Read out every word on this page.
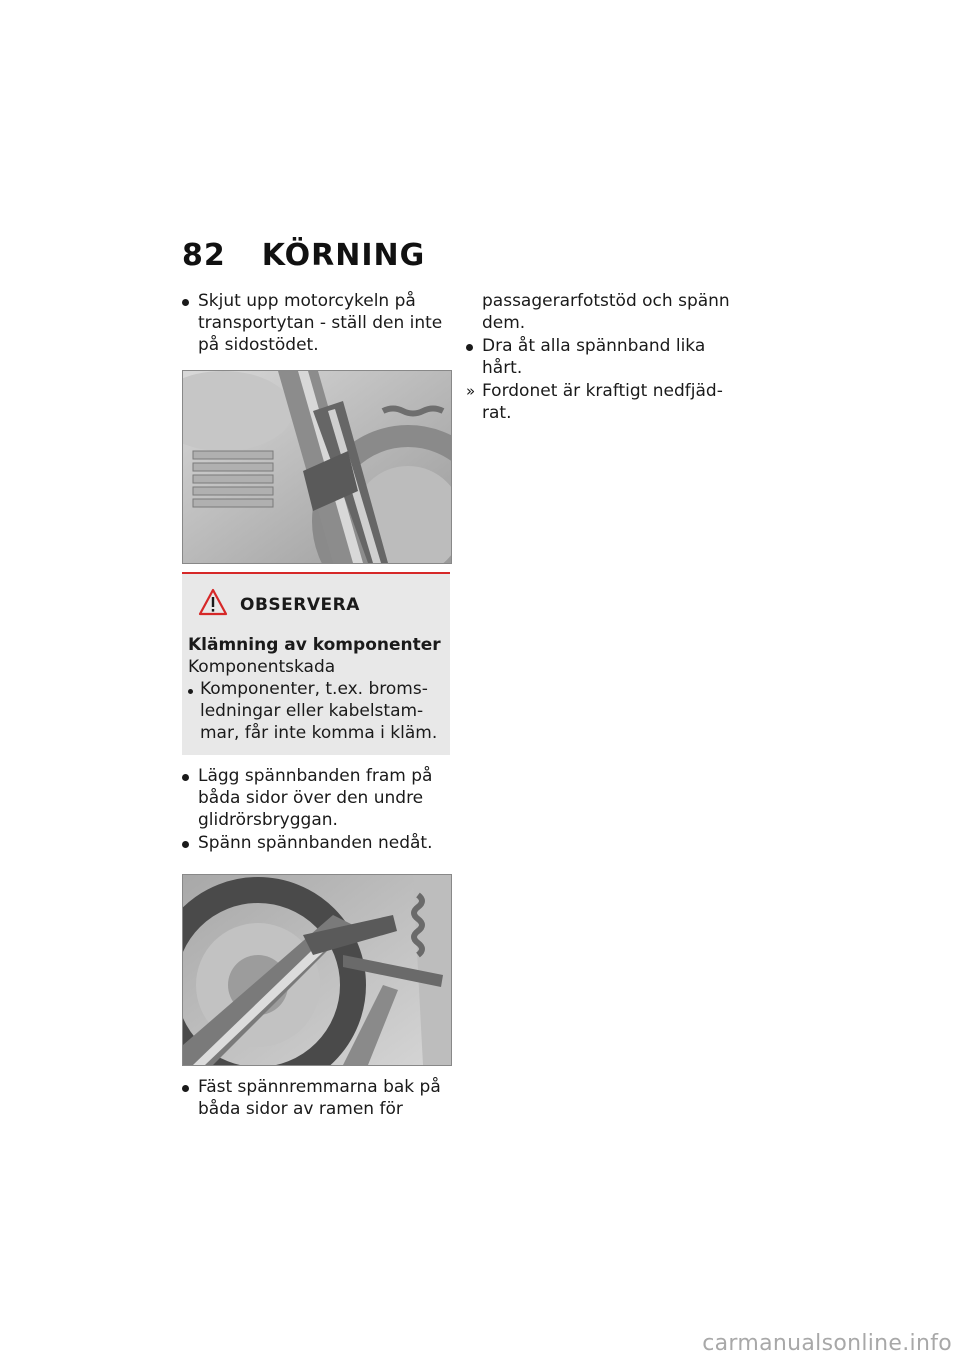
82 KÖRNING
Skjut upp motorcykeln på transportytan - ställ den inte på sidostödet.
OBSERVERA
Klämning av komponenter
Komponentskada
Komponenter, t.ex. bromsledningar eller kabelstammar, får inte komma i kläm.
Lägg spännbanden fram på båda sidor över den undre glidrörsbryggan.
Spänn spännbanden nedåt.
Fäst spännremmarna bak på båda sidor av ramen för
passagerarfotstöd och spänn dem.
Dra åt alla spännband lika hårt.
» Fordonet är kraftigt nedfjädrat.
carmanualsonline.info
